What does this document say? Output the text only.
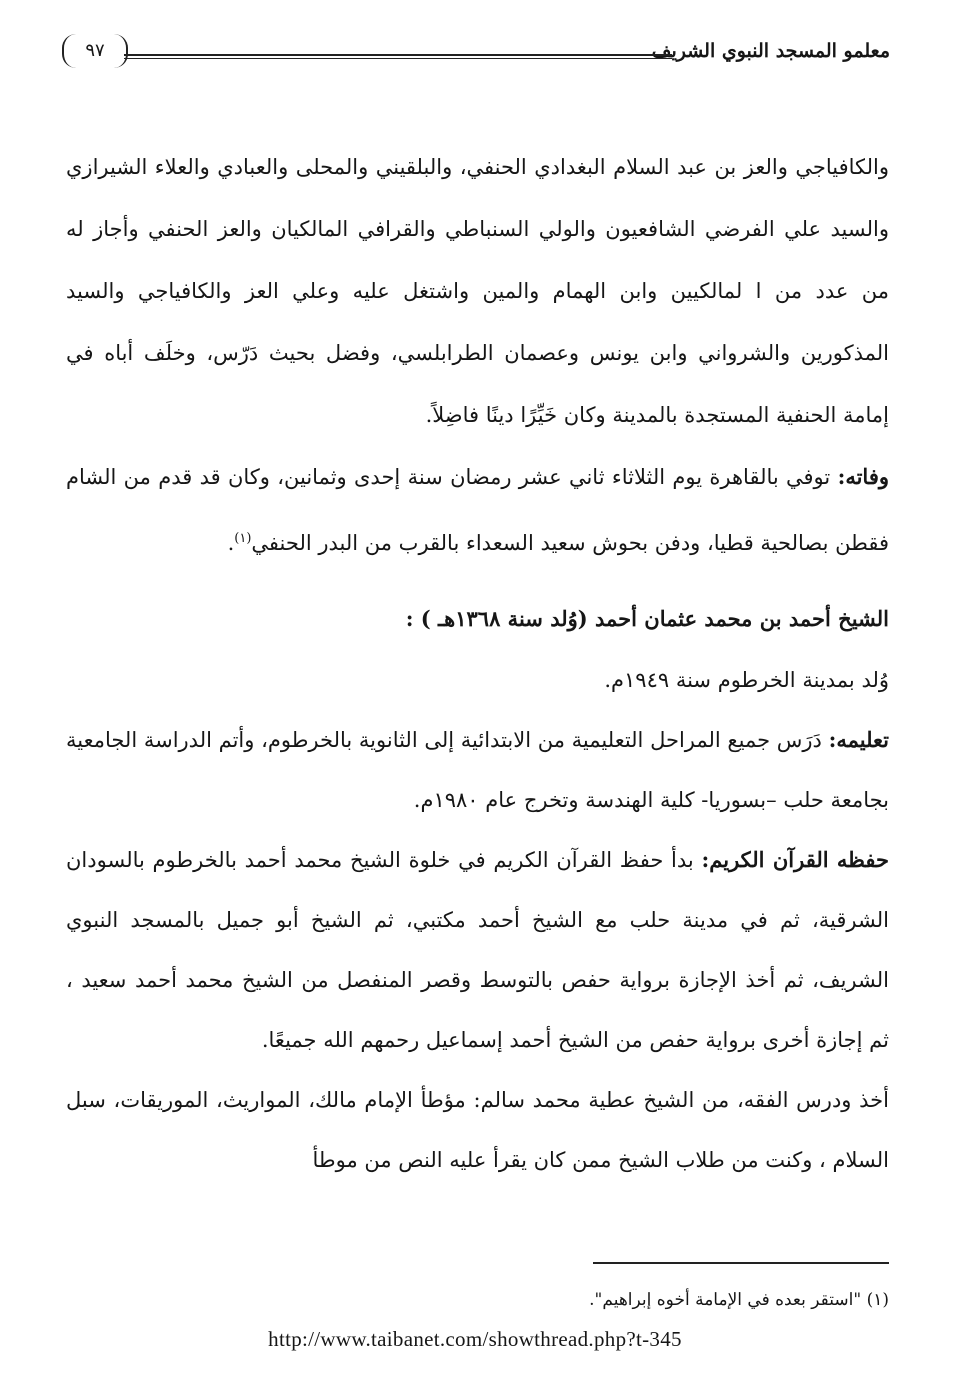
معلمو المسجد النبوي الشريف
٩٧

والكافياجي والعز بن عبد السلام البغدادي الحنفي، والبلقيني والمحلى والعبادي والعلاء الشيرازي والسيد علي الفرضي الشافعيون والولي السنباطي والقرافي المالكيان والعز الحنفي وأجاز له من عدد من ا لمالكيين وابن الهمام والمين واشتغل عليه وعلي العز والكافياجي والسيد المذكورين والشرواني وابن يونس وعصمان الطرابلسي، وفضل بحيث دَرّس، وخلَف أباه في إمامة الحنفية المستجدة بالمدينة وكان خَيِّرًا دينًا فاضِلاً.

وفاته: توفي بالقاهرة يوم الثلاثاء ثاني عشر رمضان سنة إحدى وثمانين، وكان قد قدم من الشام فقطن بصالحية قطيا، ودفن بحوش سعيد السعداء بالقرب من البدر الحنفي$^{(١)}$.

الشيخ أحمد بن محمد عثمان أحمد (وُلد سنة ١٣٦٨هـ ) :

وُلد بمدينة الخرطوم سنة ١٩٤٩م.

تعليمه: دَرَس جميع المراحل التعليمية من الابتدائية إلى الثانوية بالخرطوم، وأتم الدراسة الجامعية بجامعة حلب –بسوريا- كلية الهندسة وتخرج عام ١٩٨٠م.

حفظه القرآن الكريم: بدأ حفظ القرآن الكريم في خلوة الشيخ محمد أحمد بالخرطوم بالسودان الشرقية، ثم في مدينة حلب مع الشيخ أحمد مكتبي، ثم الشيخ أبو جميل بالمسجد النبوي الشريف، ثم أخذ الإجازة برواية حفص بالتوسط وقصر المنفصل من الشيخ محمد أحمد سعيد ، ثم إجازة أخرى برواية حفص من الشيخ أحمد إسماعيل رحمهم الله جميعًا.

أخذ ودرس الفقه، من الشيخ عطية محمد سالم: مؤطأ الإمام مالك، المواريث، الموريقات، سبل السلام ، وكنت من طلاب الشيخ ممن كان يقرأ عليه النص من موطأ

(١) "استقر بعده في الإمامة أخوه إبراهيم".
http://www.taibanet.com/showthread.php?t-345
